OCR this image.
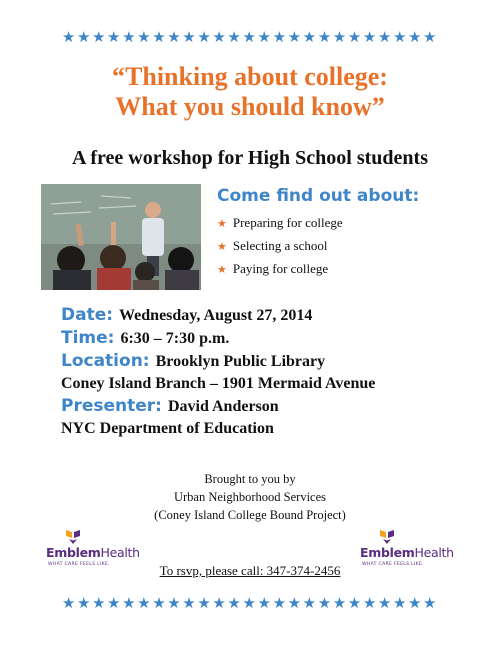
★★★★★★★★★★★★★★★★★★★★★★★★★
“Thinking about college:
What you should know”
A free workshop for High School students
Come find out about:
★ Preparing for college
★ Selecting a school
★ Paying for college
Date: Wednesday, August 27, 2014
Time: 6:30 – 7:30 p.m.
Location: Brooklyn Public Library
Coney Island Branch – 1901 Mermaid Avenue
Presenter: David Anderson
NYC Department of Education
Brought to you by
Urban Neighborhood Services
(Coney Island College Bound Project)
EmblemHealth
WHAT CARE FEELS LIKE.
EmblemHealth
WHAT CARE FEELS LIKE.
To rsvp, please call: 347-374-2456
★★★★★★★★★★★★★★★★★★★★★★★★★
